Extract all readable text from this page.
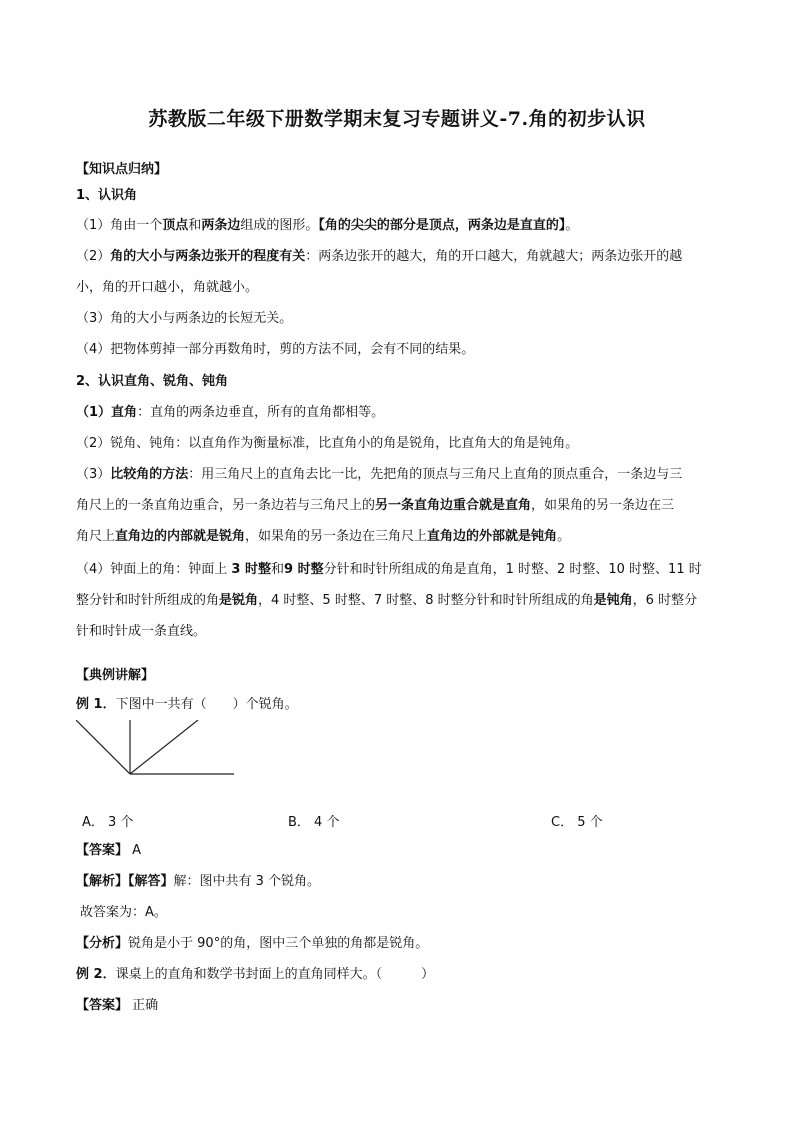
苏教版二年级下册数学期末复习专题讲义-7.角的初步认识
【知识点归纳】
1、认识角
（1）角由一个顶点和两条边组成的图形。【角的尖尖的部分是顶点，两条边是直直的】。
（2）角的大小与两条边张开的程度有关：两条边张开的越大，角的开口越大，角就越大；两条边张开的越
小，角的开口越小，角就越小。
（3）角的大小与两条边的长短无关。
（4）把物体剪掉一部分再数角时，剪的方法不同，会有不同的结果。
2、认识直角、锐角、钝角
（1）直角：直角的两条边垂直，所有的直角都相等。
（2）锐角、钝角：以直角作为衡量标准，比直角小的角是锐角，比直角大的角是钝角。
（3）比较角的方法：用三角尺上的直角去比一比，先把角的顶点与三角尺上直角的顶点重合，一条边与三
角尺上的一条直角边重合，另一条边若与三角尺上的另一条直角边重合就是直角，如果角的另一条边在三
角尺上直角边的内部就是锐角，如果角的另一条边在三角尺上直角边的外部就是钝角。
（4）钟面上的角：钟面上 3 时整和9 时整分针和时针所组成的角是直角，1 时整、2 时整、10 时整、11 时
整分针和时针所组成的角是锐角，4 时整、5 时整、7 时整、8 时整分针和时针所组成的角是钝角，6 时整分
针和时针成一条直线。
【典例讲解】
例 1．下图中一共有（　　）个锐角。
A． 3 个	B． 4 个	C． 5 个
【答案】 A
【解析】【解答】解：图中共有 3 个锐角。
故答案为：A。
【分析】锐角是小于 90°的角，图中三个单独的角都是锐角。
例 2．课桌上的直角和数学书封面上的直角同样大。（　　　）
【答案】 正确
